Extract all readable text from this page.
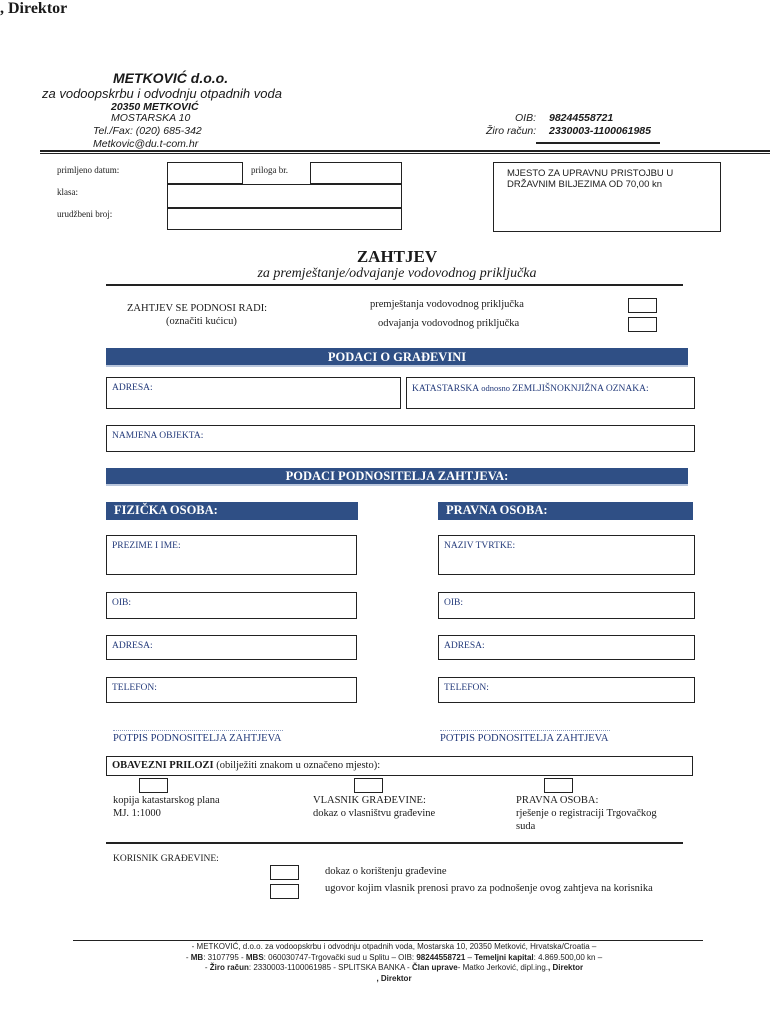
METKOVIĆ d.o.o.
za vodoopskrbu i odvodnju otpadnih voda
20350 METKOVIĆ
MOSTARSKA 10
Tel./Fax: (020) 685-342
Metkovic@du.t-com.hr
OIB: 98244558721
Žiro račun: 2330003-1100061985
primljeno datum:	priloga br.
klasa:
urudžbeni broj:
MJESTO ZA UPRAVNU PRISTOJBU U DRŽAVNIM BILJEZIMA OD 70,00 kn
ZAHTJEV
za premještanje/odvajanje vodovodnog priključka
ZAHTJEV SE PODNOSI RADI:
(označiti kućicu)
premještanja vodovodnog priključka
odvajanja vodovodnog priključka
PODACI O GRAĐEVINI
ADRESA:	KATASTARSKA odnosno ZEMLJIŠNOKNJIŽNA OZNAKA:
NAMJENA OBJEKTA:
PODACI PODNOSITELJA ZAHTJEVA:
FIZIČKA OSOBA:	PRAVNA OSOBA:
PREZIME I IME:	NAZIV TVRTKE:
OIB:	OIB:
ADRESA:	ADRESA:
TELEFON:	TELEFON:
POTPIS PODNOSITELJA ZAHTJEVA	POTPIS PODNOSITELJA ZAHTJEVA
OBAVEZNI PRILOZI (obilježiti znakom u označeno mjesto):
kopija katastarskog plana
MJ. 1:1000
VLASNIK GRAĐEVINE:
dokaz o vlasništvu građevine
PRAVNA OSOBA:
rješenje o registraciji Trgovačkog
suda
KORISNIK GRAĐEVINE:
dokaz o korištenju građevine
ugovor kojim vlasnik prenosi pravo za podnošenje ovog zahtjeva na korisnika
- METKOVIĆ, d.o.o. za vodoopskrbu i odvodnju otpadnih voda, Mostarska 10, 20350 Metković, Hrvatska/Croatia –
- MB: 3107795 - MBS: 060030747-Trgovački sud u Splitu – OIB: 98244558721 – Temeljni kapital: 4.869.500,00 kn –
- Žiro račun: 2330003-1100061985 - SPLITSKA BANKA - Član uprave- Matko Jerković, dipl.ing., Direktor
, Direktor
, Direktor
